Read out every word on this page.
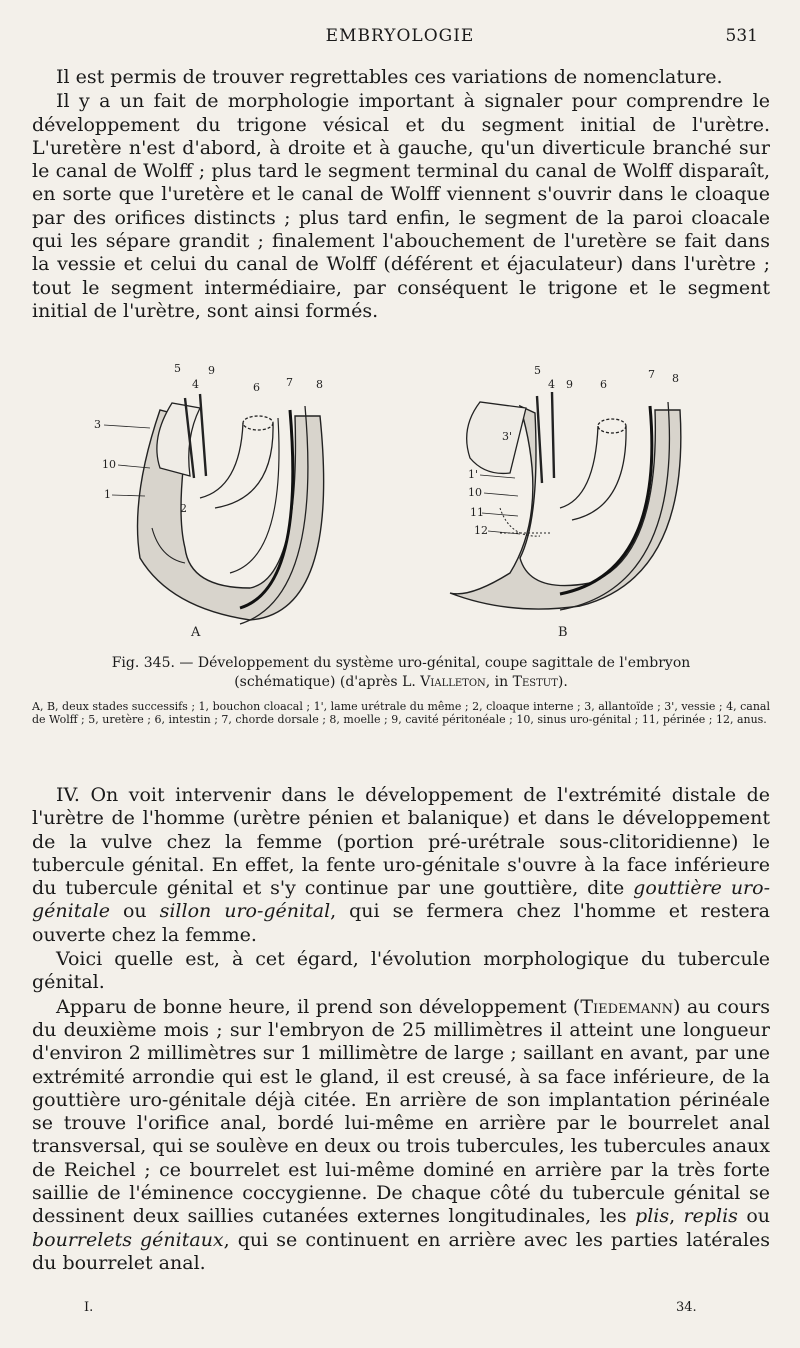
EMBRYOLOGIE	531

Il est permis de trouver regrettables ces variations de nomenclature.

Il y a un fait de morphologie important à signaler pour comprendre le développement du trigone vésical et du segment initial de l'urètre. L'uretère n'est d'abord, à droite et à gauche, qu'un diverticule branché sur le canal de Wolff ; plus tard le segment terminal du canal de Wolff disparaît, en sorte que l'uretère et le canal de Wolff viennent s'ouvrir dans le cloaque par des orifices distincts ; plus tard enfin, le segment de la paroi cloacale qui les sépare grandit ; finalement l'abouchement de l'uretère se fait dans la vessie et celui du canal de Wolff (déférent et éjaculateur) dans l'urètre ; tout le segment intermédiaire, par conséquent le trigone et le segment initial de l'urètre, sont ainsi formés.

5
4
9
6 7 8
3
10
1
2
A
5
4 9 6
7 8
3'
1'
10
11
12
B
Fig. 345. — Développement du système uro-génital, coupe sagittale de l'embryon
(schématique) (d'après L. Vialleton, in Testut).
A, B, deux stades successifs ; 1, bouchon cloacal ; 1', lame urétrale du même ; 2, cloaque interne ; 3, allantoïde ; 3', vessie ; 4, canal de Wolff ; 5, uretère ; 6, intestin ; 7, chorde dorsale ; 8, moelle ; 9, cavité péritonéale ; 10, sinus uro-génital ; 11, périnée ; 12, anus.

IV. On voit intervenir dans le développement de l'extrémité distale de l'urètre de l'homme (urètre pénien et balanique) et dans le développement de la vulve chez la femme (portion pré-urétrale sous-clitoridienne) le tubercule génital. En effet, la fente uro-génitale s'ouvre à la face inférieure du tubercule génital et s'y continue par une gouttière, dite gouttière uro-génitale ou sillon uro-génital, qui se fermera chez l'homme et restera ouverte chez la femme.

Voici quelle est, à cet égard, l'évolution morphologique du tubercule génital.

Apparu de bonne heure, il prend son développement (Tiedemann) au cours du deuxième mois ; sur l'embryon de 25 millimètres il atteint une longueur d'environ 2 millimètres sur 1 millimètre de large ; saillant en avant, par une extrémité arrondie qui est le gland, il est creusé, à sa face inférieure, de la gouttière uro-génitale déjà citée. En arrière de son implantation périnéale se trouve l'orifice anal, bordé lui-même en arrière par le bourrelet anal transversal, qui se soulève en deux ou trois tubercules, les tubercules anaux de Reichel ; ce bourrelet est lui-même dominé en arrière par la très forte saillie de l'éminence coccygienne. De chaque côté du tubercule génital se dessinent deux saillies cutanées externes longitudinales, les plis, replis ou bourrelets génitaux, qui se continuent en arrière avec les parties latérales du bourrelet anal.

I.	34.
